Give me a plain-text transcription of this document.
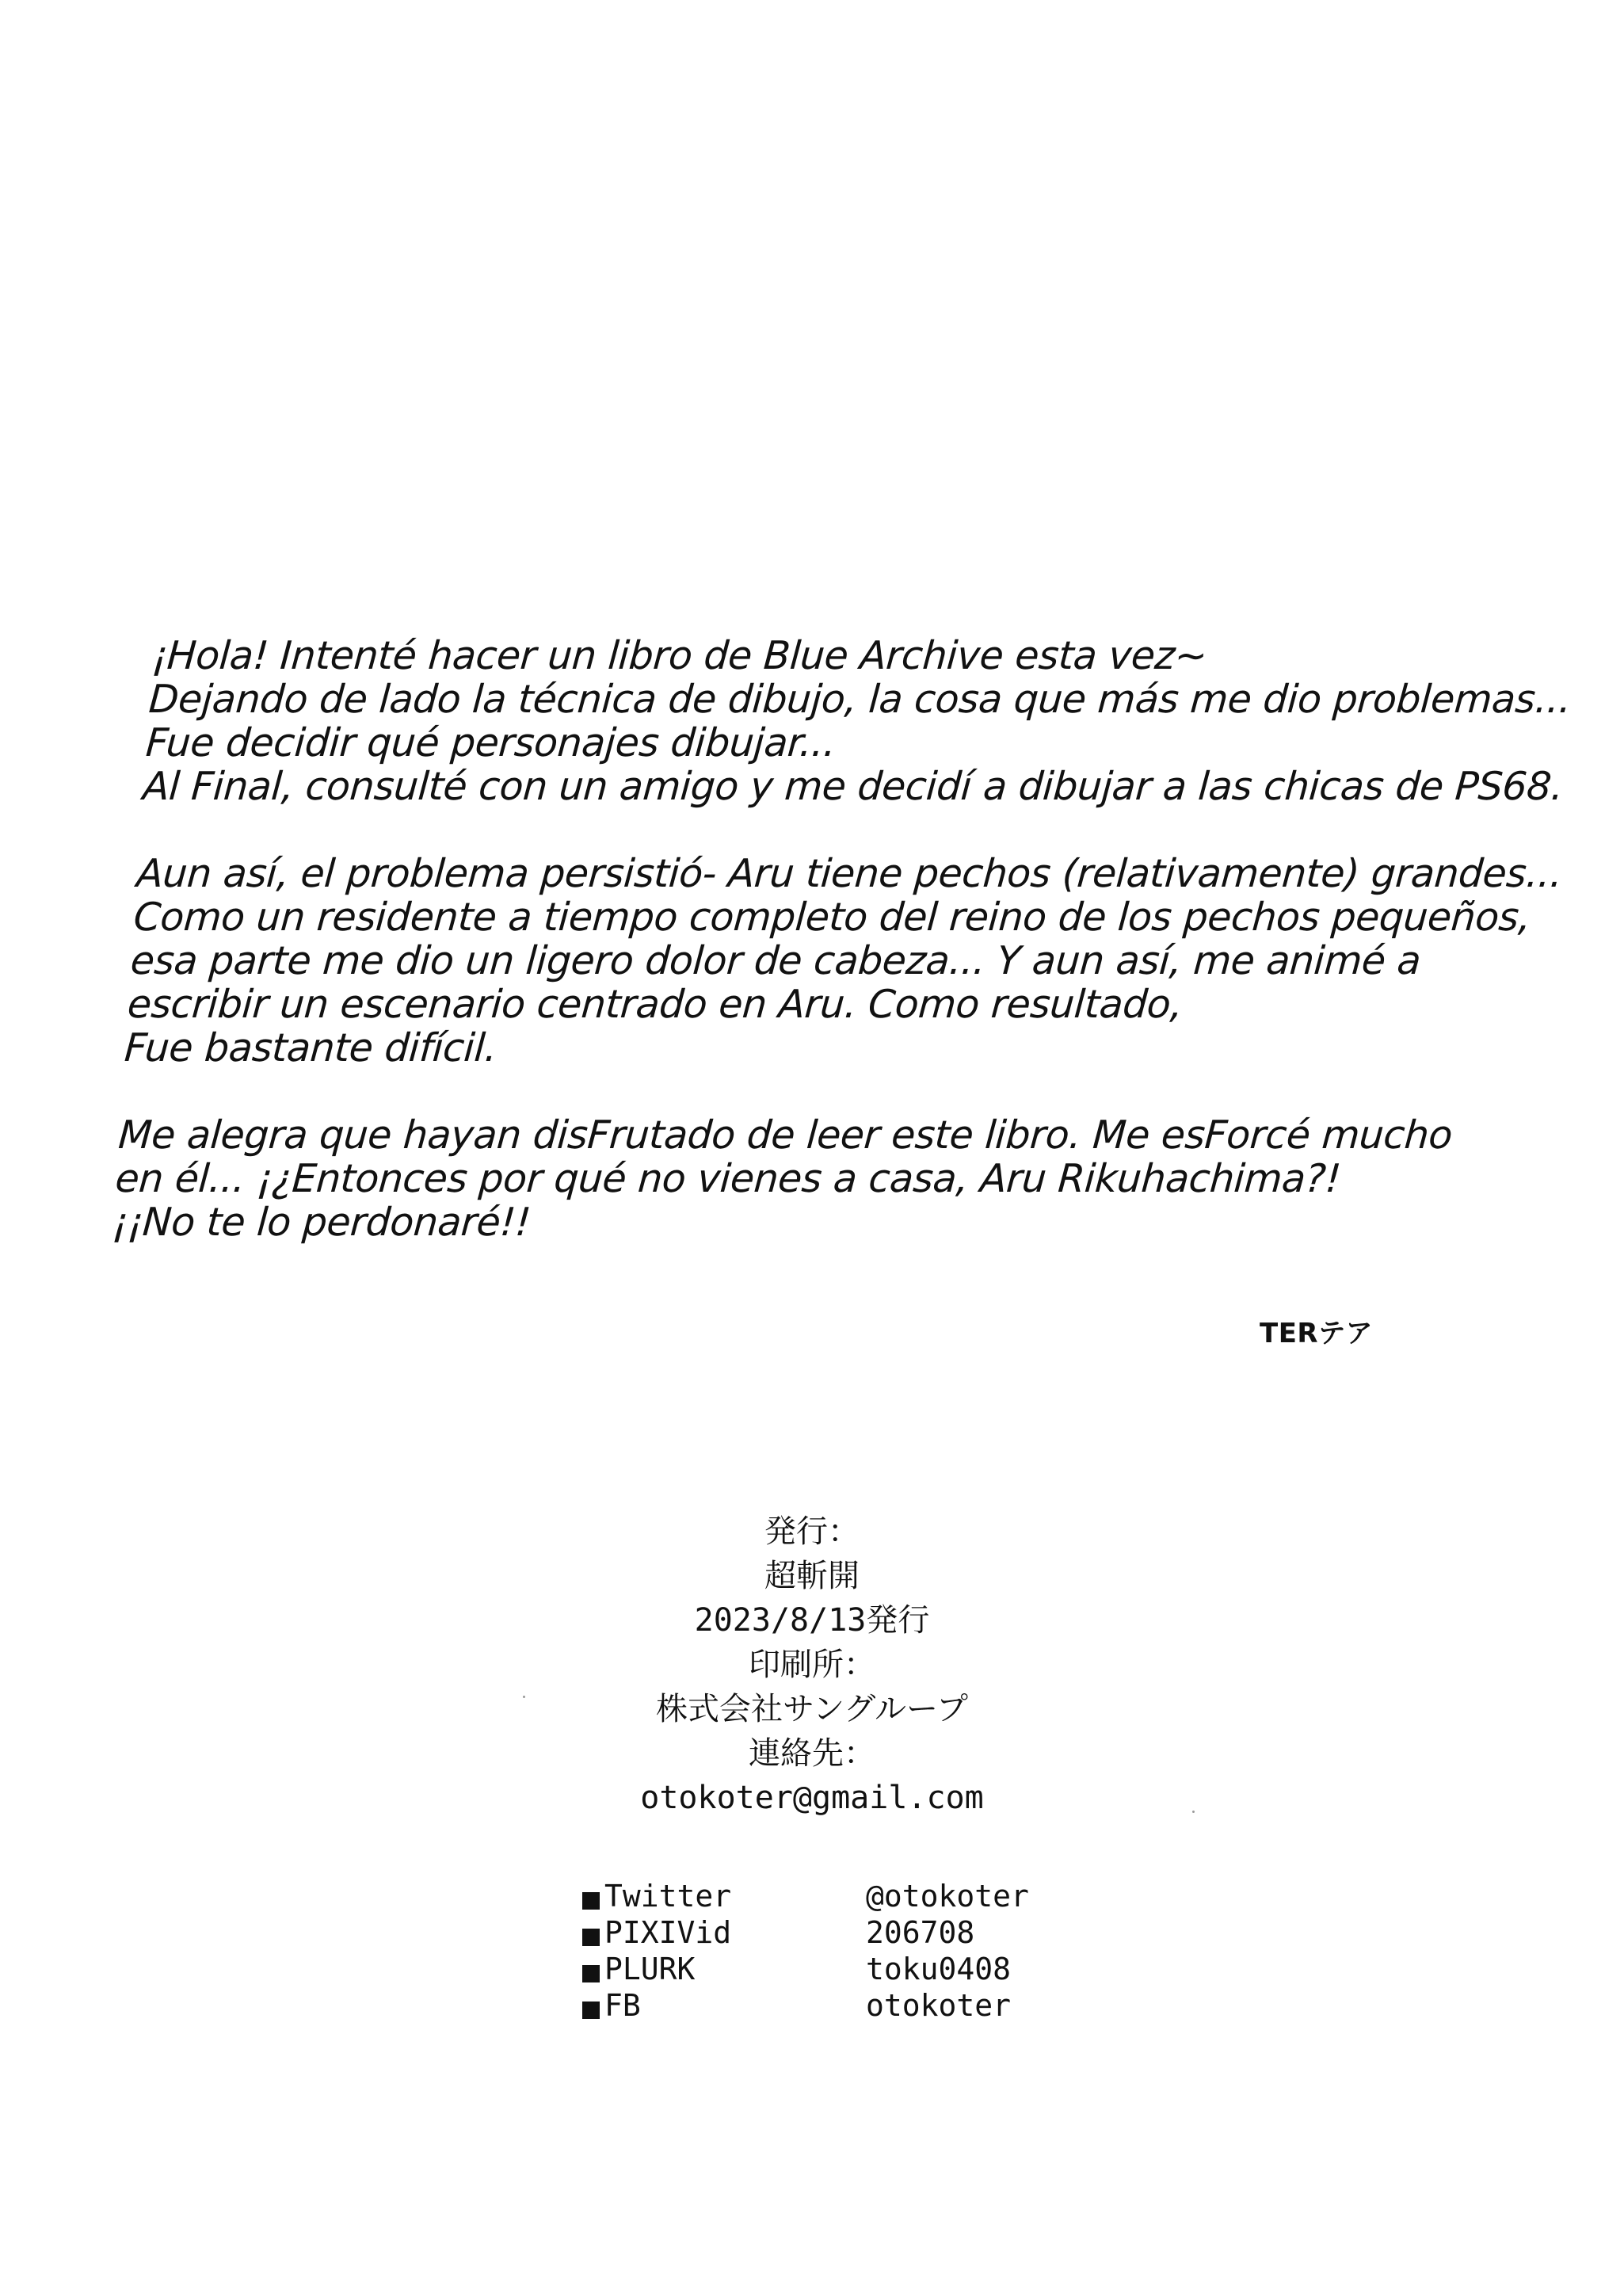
¡Hola! Intenté hacer un libro de Blue Archive esta vez~
Dejando de lado la técnica de dibujo, la cosa que más me dio problemas...
Fue decidir qué personajes dibujar...
Al Final, consulté con un amigo y me decidí a dibujar a las chicas de PS68.
Aun así, el problema persistió- Aru tiene pechos (relativamente) grandes...
Como un residente a tiempo completo del reino de los pechos pequeños,
esa parte me dio un ligero dolor de cabeza... Y aun así, me animé a
escribir un escenario centrado en Aru. Como resultado,
Fue bastante difícil.
Me alegra que hayan disFrutado de leer este libro. Me esForcé mucho
en él... ¡¿Entonces por qué no vienes a casa, Aru Rikuhachima?!
¡¡No te lo perdonaré!!
TERテア
発行：
超斬開
2023/8/13発行
印刷所：
株式会社サングループ
連絡先：
otokoter@gmail.com
Twitter	@otokoter
PIXIVid	206708
PLURK	toku0408
FB	otokoter
